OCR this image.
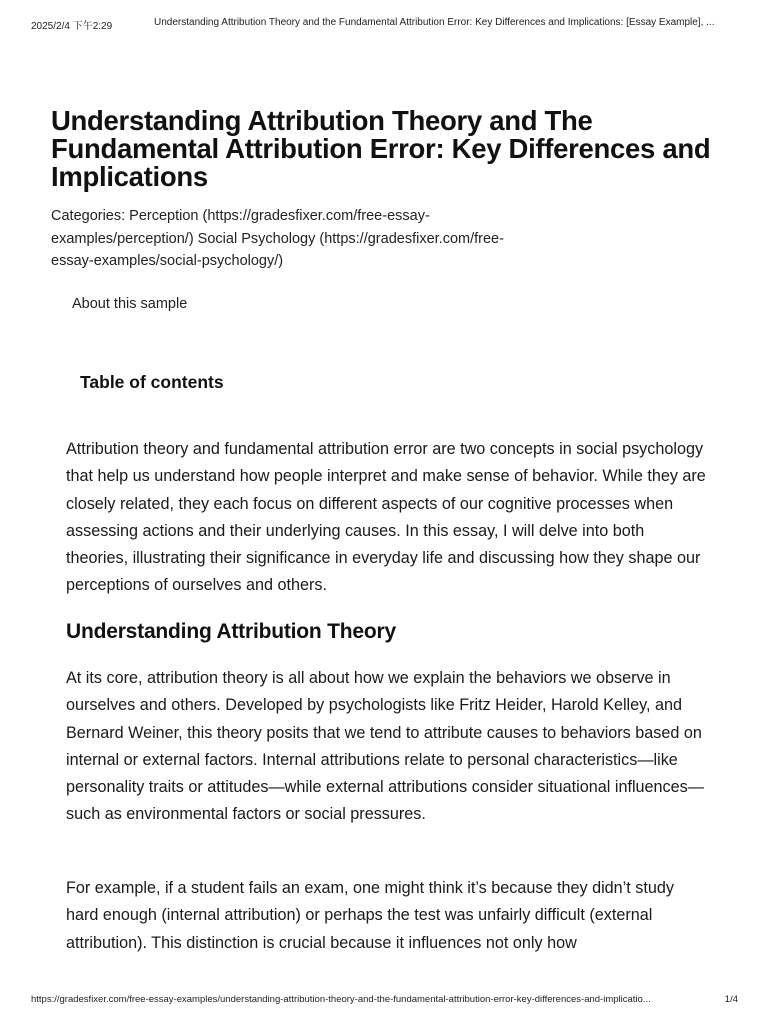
2025/2/4 下午2:29	Understanding Attribution Theory and the Fundamental Attribution Error: Key Differences and Implications: [Essay Example], ...
Understanding Attribution Theory and The Fundamental Attribution Error: Key Differences and Implications

Categories: Perception (https://gradesfixer.com/free-essay-examples/perception/) Social Psychology (https://gradesfixer.com/free-essay-examples/social-psychology/)

About this sample
Table of contents

Attribution theory and fundamental attribution error are two concepts in social psychology that help us understand how people interpret and make sense of behavior. While they are closely related, they each focus on different aspects of our cognitive processes when assessing actions and their underlying causes. In this essay, I will delve into both theories, illustrating their significance in everyday life and discussing how they shape our perceptions of ourselves and others.

Understanding Attribution Theory

At its core, attribution theory is all about how we explain the behaviors we observe in ourselves and others. Developed by psychologists like Fritz Heider, Harold Kelley, and Bernard Weiner, this theory posits that we tend to attribute causes to behaviors based on internal or external factors. Internal attributions relate to personal characteristics—like personality traits or attitudes—while external attributions consider situational influences—such as environmental factors or social pressures.

For example, if a student fails an exam, one might think it’s because they didn’t study hard enough (internal attribution) or perhaps the test was unfairly difficult (external attribution). This distinction is crucial because it influences not only how

https://gradesfixer.com/free-essay-examples/understanding-attribution-theory-and-the-fundamental-attribution-error-key-differences-and-implicatio...	1/4
